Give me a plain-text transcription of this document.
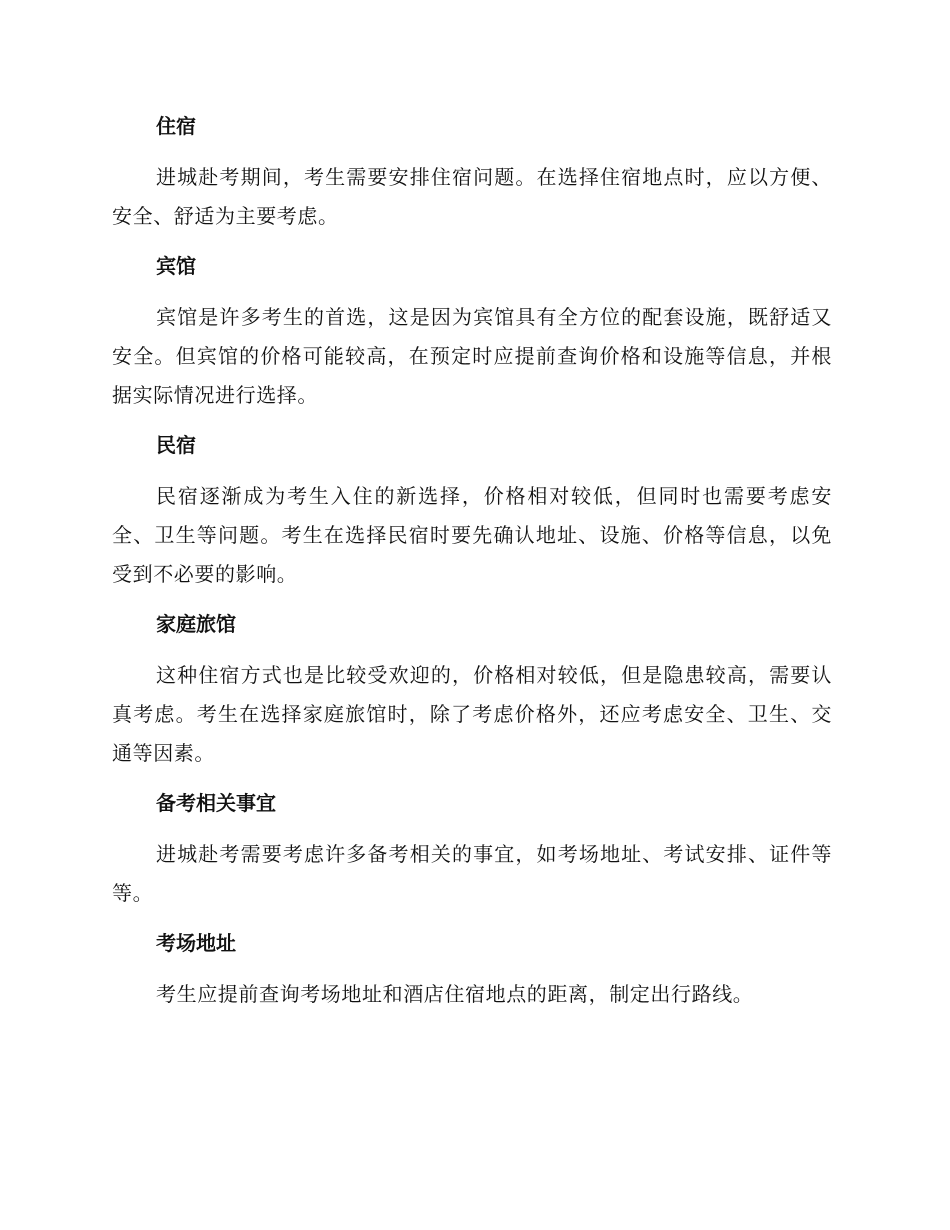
住宿

进城赴考期间，考生需要安排住宿问题。在选择住宿地点时，应以方便、安全、舒适为主要考虑。

宾馆

宾馆是许多考生的首选，这是因为宾馆具有全方位的配套设施，既舒适又安全。但宾馆的价格可能较高，在预定时应提前查询价格和设施等信息，并根据实际情况进行选择。

民宿

民宿逐渐成为考生入住的新选择，价格相对较低，但同时也需要考虑安全、卫生等问题。考生在选择民宿时要先确认地址、设施、价格等信息，以免受到不必要的影响。

家庭旅馆

这种住宿方式也是比较受欢迎的，价格相对较低，但是隐患较高，需要认真考虑。考生在选择家庭旅馆时，除了考虑价格外，还应考虑安全、卫生、交通等因素。

备考相关事宜

进城赴考需要考虑许多备考相关的事宜，如考场地址、考试安排、证件等等。

考场地址

考生应提前查询考场地址和酒店住宿地点的距离，制定出行路线。
